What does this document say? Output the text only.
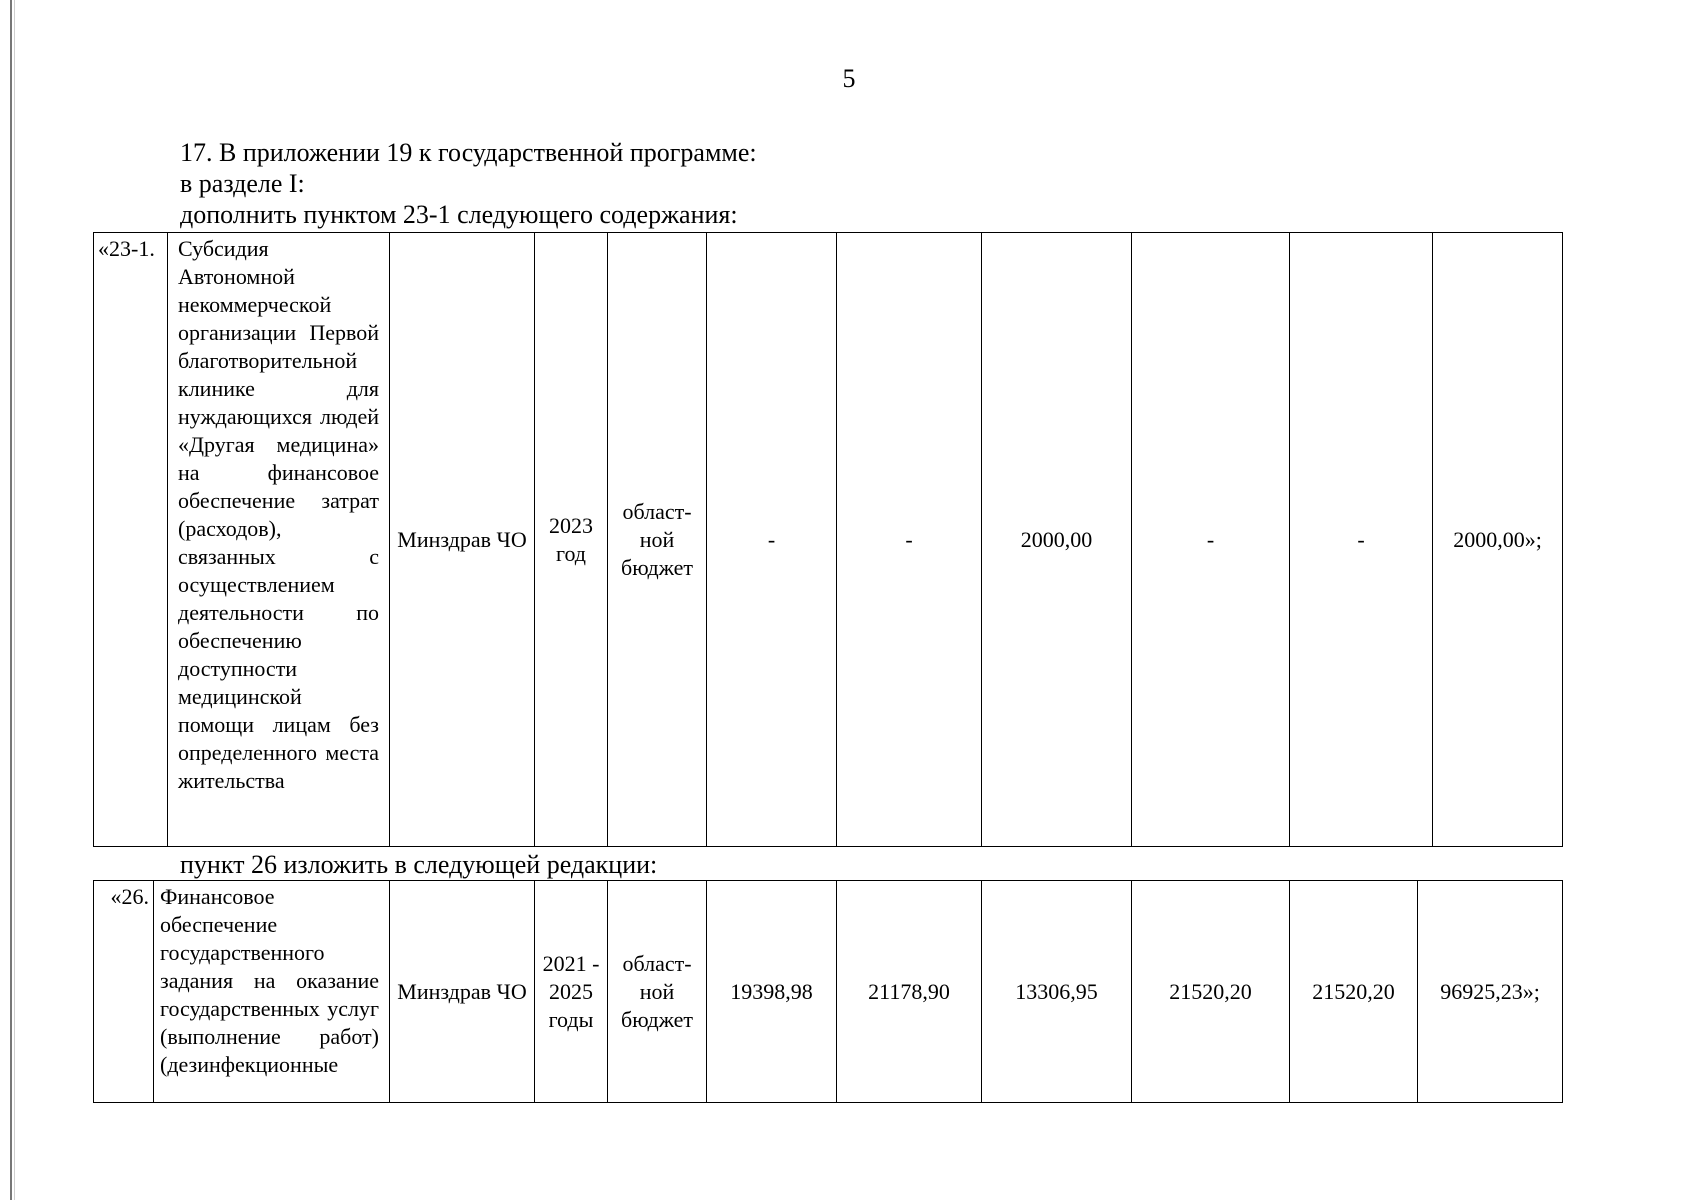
5
17. В приложении 19 к государственной программе:
в разделе I:
дополнить пунктом 23-1 следующего содержания:
«23-1.	Субсидия Автономной некоммерческой организации Первой благотворительной клинике для нуждающихся людей «Другая медицина» на финансовое обеспечение затрат (расходов), связанных с осуществлением деятельности по обеспечению доступности медицинской помощи лицам без определенного места жительства	Минздрав ЧО	2023 год	област-ной бюджет	-	-	2000,00	-	-	2000,00»;
пункт 26 изложить в следующей редакции:
«26.	Финансовое обеспечение государственного задания на оказание государственных услуг (выполнение работ) (дезинфекционные	Минздрав ЧО	2021 - 2025 годы	област-ной бюджет	19398,98	21178,90	13306,95	21520,20	21520,20	96925,23»;
